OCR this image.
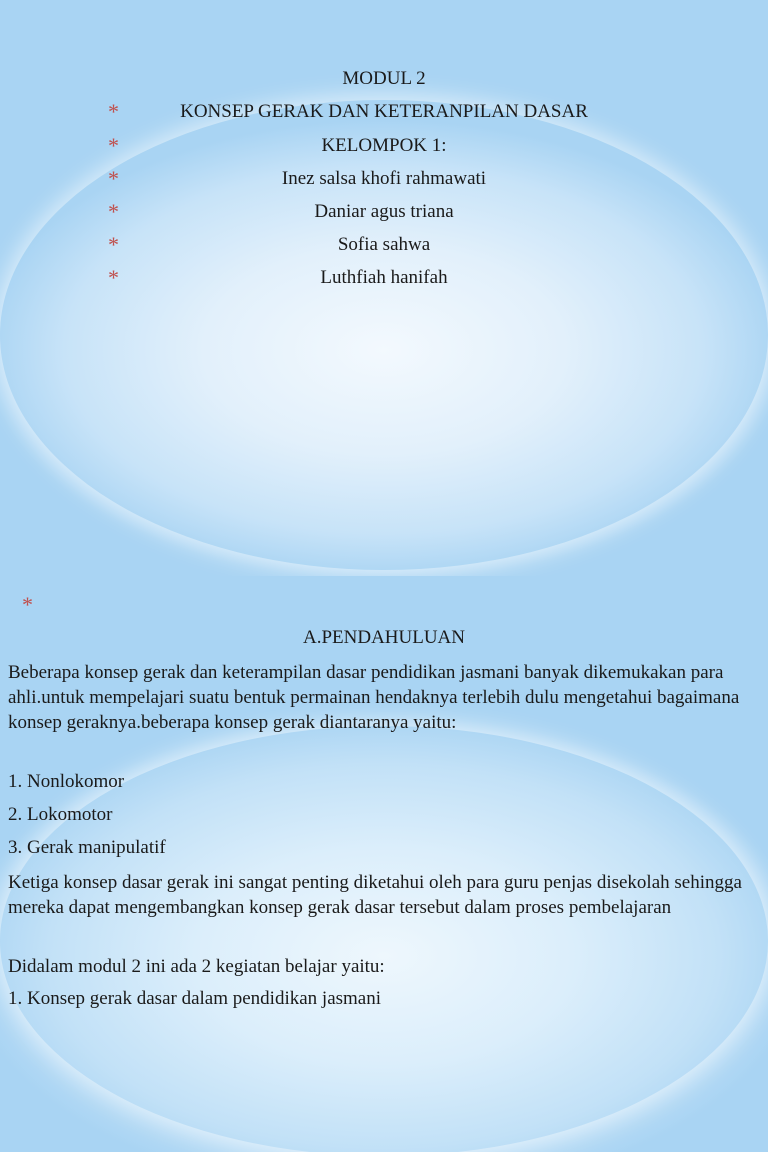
MODUL 2
*	KONSEP GERAK DAN KETERANPILAN DASAR
*	KELOMPOK 1:
*	Inez salsa khofi rahmawati
*	Daniar agus triana
*	Sofia sahwa
*	Luthfiah hanifah
*
A.PENDAHULUAN
Beberapa konsep gerak dan keterampilan dasar pendidikan jasmani banyak dikemukakan para ahli.untuk mempelajari suatu bentuk permainan hendaknya terlebih dulu mengetahui bagaimana konsep geraknya.beberapa konsep gerak diantaranya yaitu:
1. Nonlokomor
2. Lokomotor
3. Gerak manipulatif
Ketiga konsep dasar gerak ini sangat penting diketahui oleh para guru penjas disekolah sehingga mereka dapat mengembangkan konsep gerak dasar tersebut dalam proses pembelajaran
Didalam modul 2 ini ada 2 kegiatan belajar yaitu:
1. Konsep gerak dasar dalam pendidikan jasmani
